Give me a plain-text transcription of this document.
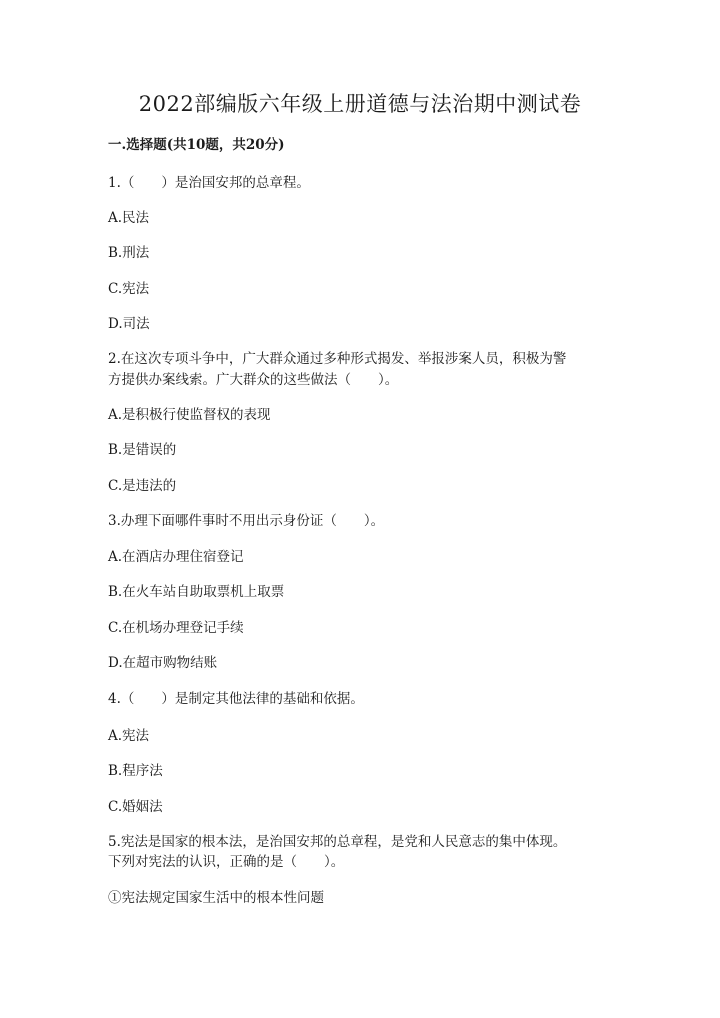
2022部编版六年级上册道德与法治期中测试卷
一.选择题(共10题，共20分)
1.（　　）是治国安邦的总章程。
A.民法
B.刑法
C.宪法
D.司法
2.在这次专项斗争中，广大群众通过多种形式揭发、举报涉案人员，积极为警
方提供办案线索。广大群众的这些做法（　　）。
A.是积极行使监督权的表现
B.是错误的
C.是违法的
3.办理下面哪件事时不用出示身份证（　　）。
A.在酒店办理住宿登记
B.在火车站自助取票机上取票
C.在机场办理登记手续
D.在超市购物结账
4.（　　）是制定其他法律的基础和依据。
A.宪法
B.程序法
C.婚姻法
5.宪法是国家的根本法，是治国安邦的总章程，是党和人民意志的集中体现。
下列对宪法的认识，正确的是（　　）。
①宪法规定国家生活中的根本性问题
